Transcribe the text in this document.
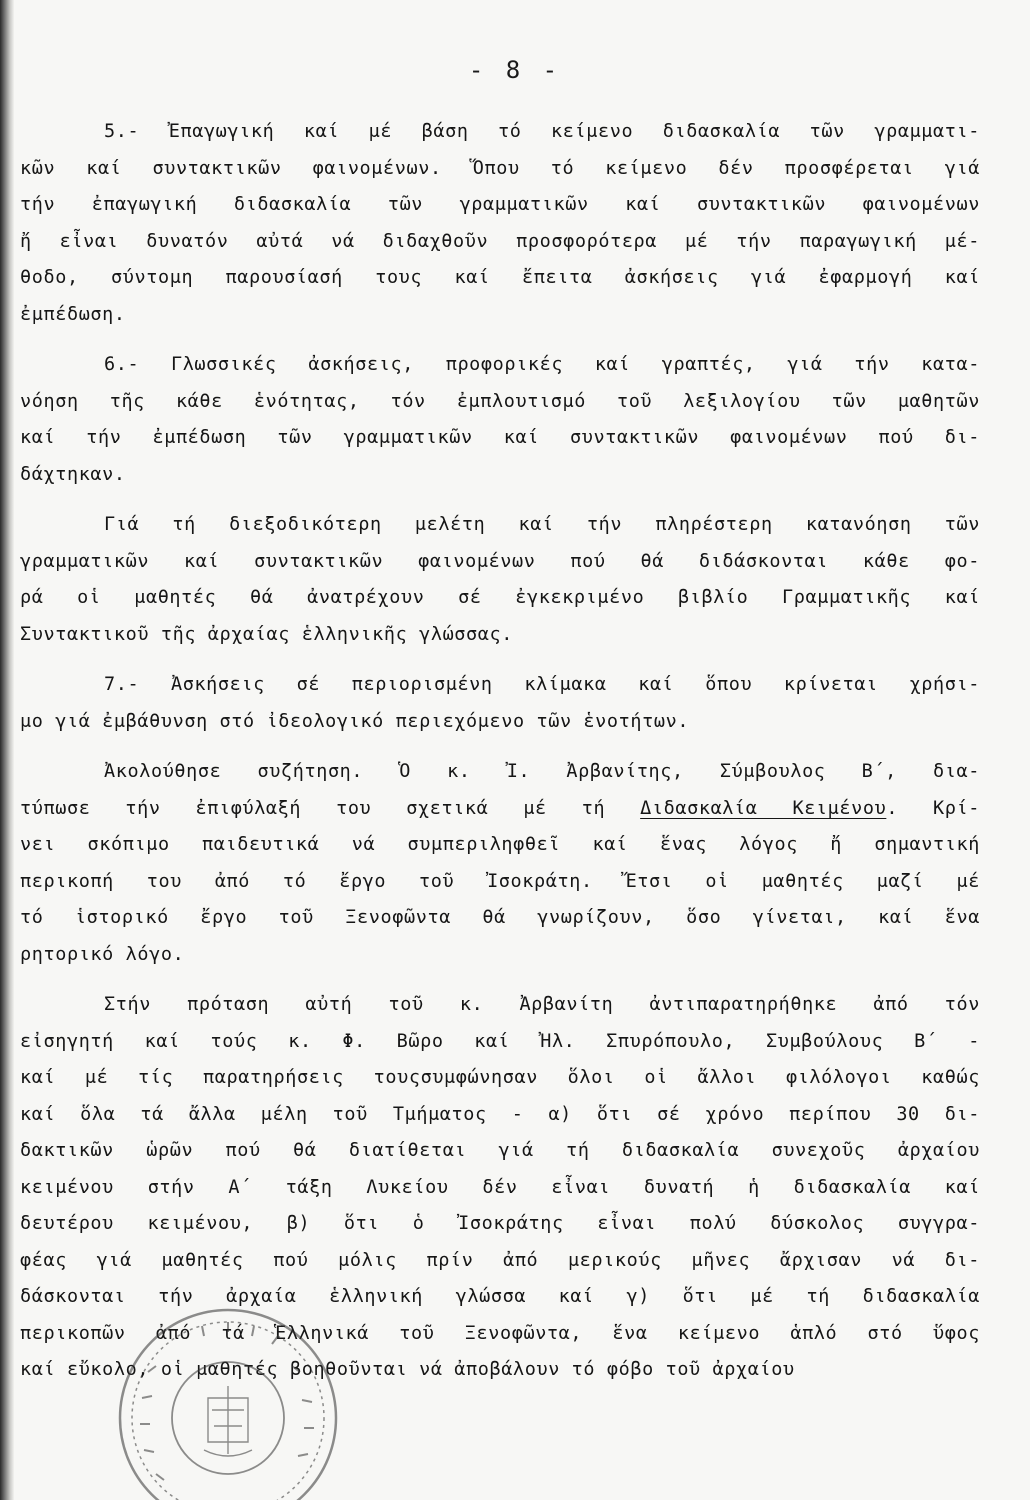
- 8 -
5.- Ἐπαγωγική καί μέ βάση τό κείμενο διδασκαλία τῶν γραμματι-
κῶν καί συντακτικῶν φαινομένων. Ὅπου τό κείμενο δέν προσφέρεται γιά
τήν ἐπαγωγική διδασκαλία τῶν γραμματικῶν καί συντακτικῶν φαινομένων
ἤ εἶναι δυνατόν αὐτά νά διδαχθοῦν προσφορότερα μέ τήν παραγωγική μέ-
θοδο, σύντομη παρουσίασή τους καί ἔπειτα ἀσκήσεις γιά ἐφαρμογή καί
ἐμπέδωση.
6.- Γλωσσικές ἀσκήσεις, προφορικές καί γραπτές, γιά τήν κατα-
νόηση τῆς κάθε ἑνότητας, τόν ἐμπλουτισμό τοῦ λεξιλογίου τῶν μαθητῶν
καί τήν ἐμπέδωση τῶν γραμματικῶν καί συντακτικῶν φαινομένων πού δι-
δάχτηκαν.
Γιά τή διεξοδικότερη μελέτη καί τήν πληρέστερη κατανόηση τῶν
γραμματικῶν καί συντακτικῶν φαινομένων πού θά διδάσκονται κάθε φο-
ρά οἱ μαθητές θά ἀνατρέχουν σέ ἐγκεκριμένο βιβλίο Γραμματικῆς καί
Συντακτικοῦ τῆς ἀρχαίας ἑλληνικῆς γλώσσας.
7.- Ἀσκήσεις σέ περιορισμένη κλίμακα καί ὅπου κρίνεται χρήσι-
μο γιά ἐμβάθυνση στό ἰδεολογικό περιεχόμενο τῶν ἑνοτήτων.
Ἀκολούθησε συζήτηση. Ὁ κ. Ἰ. Ἀρβανίτης, Σύμβουλος Β΄, δια-
τύπωσε τήν ἐπιφύλαξή του σχετικά μέ τή Διδασκαλία Κειμένου. Κρί-
νει σκόπιμο παιδευτικά νά συμπεριληφθεῖ καί ἕνας λόγος ἤ σημαντική
περικοπή του ἀπό τό ἔργο τοῦ Ἰσοκράτη. Ἔτσι οἱ μαθητές μαζί μέ
τό ἱστορικό ἔργο τοῦ Ξενοφῶντα θά γνωρίζουν, ὅσο γίνεται, καί ἕνα
ρητορικό λόγο.
Στήν πρόταση αὐτή τοῦ κ. Ἀρβανίτη ἀντιπαρατηρήθηκε ἀπό τόν
εἰσηγητή καί τούς κ. Φ. Βῶρο καί Ἠλ. Σπυρόπουλο, Συμβούλους Β΄ -
καί μέ τίς παρατηρήσεις τουςσυμφώνησαν ὅλοι οἱ ἄλλοι φιλόλογοι καθώς
καί ὅλα τά ἄλλα μέλη τοῦ Τμήματος - α) ὅτι σέ χρόνο περίπου 30 δι-
δακτικῶν ὡρῶν πού θά διατίθεται γιά τή διδασκαλία συνεχοῦς ἀρχαίου
κειμένου στήν Α΄ τάξη Λυκείου δέν εἶναι δυνατή ἡ διδασκαλία καί
δευτέρου κειμένου, β) ὅτι ὁ Ἰσοκράτης εἶναι πολύ δύσκολος συγγρα-
φέας γιά μαθητές πού μόλις πρίν ἀπό μερικούς μῆνες ἄρχισαν νά δι-
δάσκονται τήν ἀρχαία ἑλληνική γλώσσα καί γ) ὅτι μέ τή διδασκαλία
περικοπῶν ἀπό τά Ἑλληνικά τοῦ Ξενοφῶντα, ἕνα κείμενο ἁπλό στό ὕφος
καί εὔκολο, οἱ μαθητές βοηθοῦνται νά ἀποβάλουν τό φόβο τοῦ ἀρχαίου
